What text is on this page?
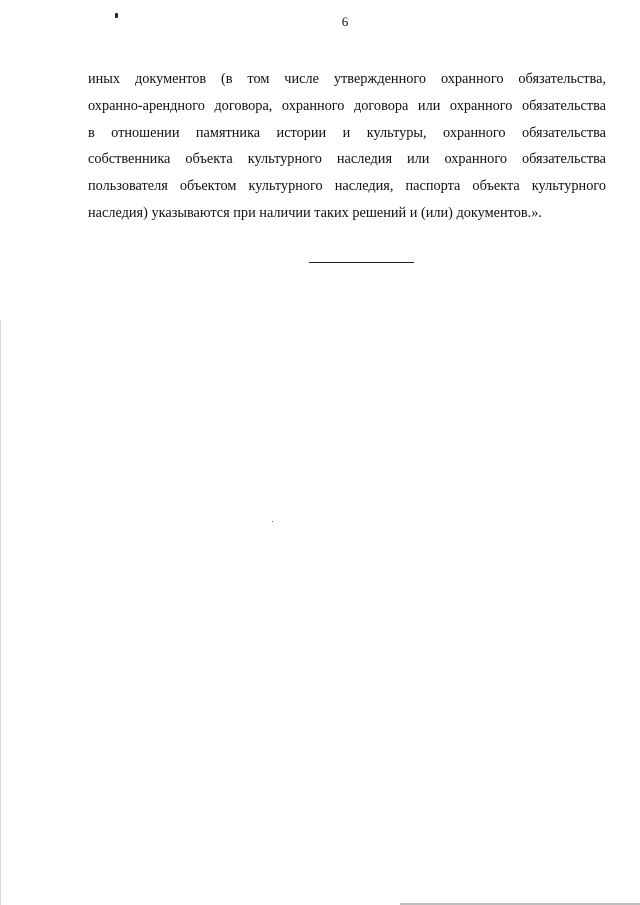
6
иных документов (в том числе утвержденного охранного обязательства,
охранно-арендного договора, охранного договора или охранного обязательства
в отношении памятника истории и культуры, охранного обязательства
собственника объекта культурного наследия или охранного обязательства
пользователя объектом культурного наследия, паспорта объекта культурного
наследия) указываются при наличии таких решений и (или) документов.».
